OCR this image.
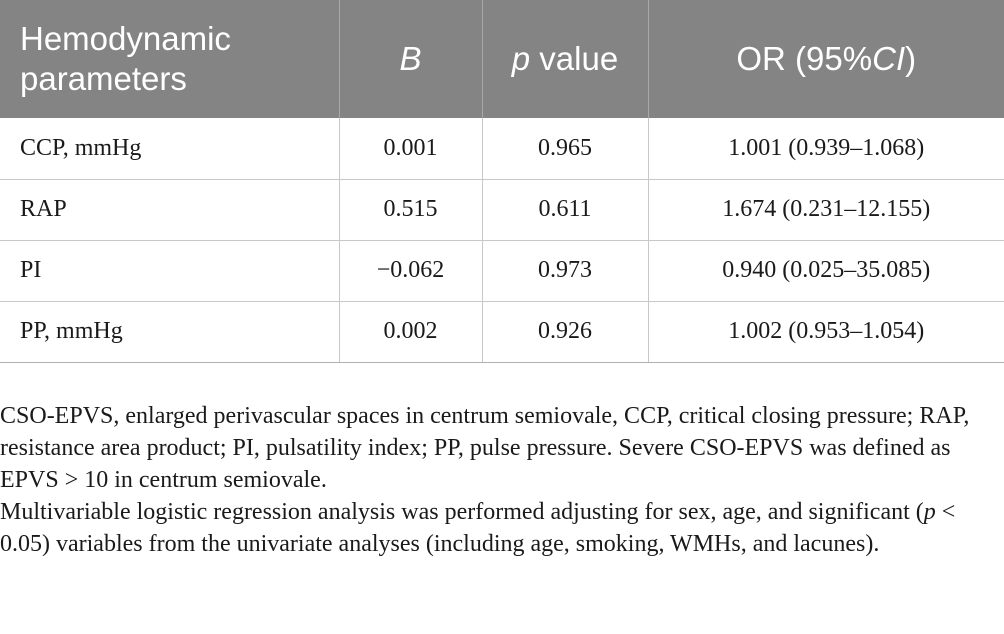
Hemodynamic parameters	B	p value	OR (95%CI)
CCP, mmHg	0.001	0.965	1.001 (0.939–1.068)
RAP	0.515	0.611	1.674 (0.231–12.155)
PI	−0.062	0.973	0.940 (0.025–35.085)
PP, mmHg	0.002	0.926	1.002 (0.953–1.054)

CSO-EPVS, enlarged perivascular spaces in centrum semiovale, CCP, critical closing pressure; RAP, resistance area product; PI, pulsatility index; PP, pulse pressure. Severe CSO-EPVS was defined as EPVS > 10 in centrum semiovale.

Multivariable logistic regression analysis was performed adjusting for sex, age, and significant (p < 0.05) variables from the univariate analyses (including age, smoking, WMHs, and lacunes).
